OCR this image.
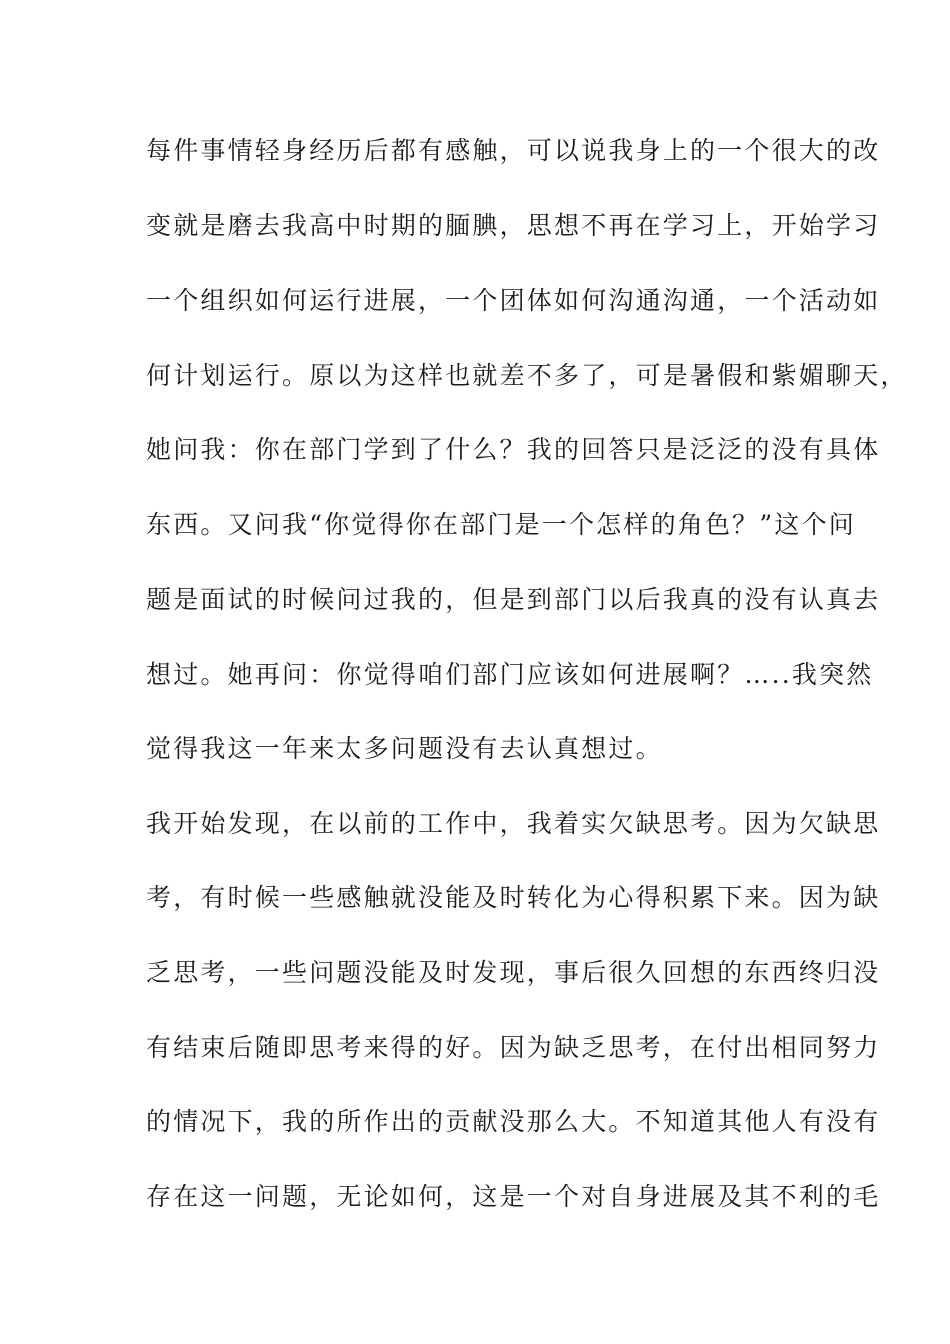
每件事情轻身经历后都有感触，可以说我身上的一个很大的改
变就是磨去我高中时期的腼腆，思想不再在学习上，开始学习
一个组织如何运行进展，一个团体如何沟通沟通，一个活动如
何计划运行。原以为这样也就差不多了，可是暑假和紫媚聊天，
她问我：你在部门学到了什么？我的回答只是泛泛的没有具体
东西。又问我“你觉得你在部门是一个怎样的角色？”这个问
题是面试的时候问过我的，但是到部门以后我真的没有认真去
想过。她再问：你觉得咱们部门应该如何进展啊？…..我突然
觉得我这一年来太多问题没有去认真想过。
我开始发现，在以前的工作中，我着实欠缺思考。因为欠缺思
考，有时候一些感触就没能及时转化为心得积累下来。因为缺
乏思考，一些问题没能及时发现，事后很久回想的东西终归没
有结束后随即思考来得的好。因为缺乏思考，在付出相同努力
的情况下，我的所作出的贡献没那么大。不知道其他人有没有
存在这一问题，无论如何，这是一个对自身进展及其不利的毛
